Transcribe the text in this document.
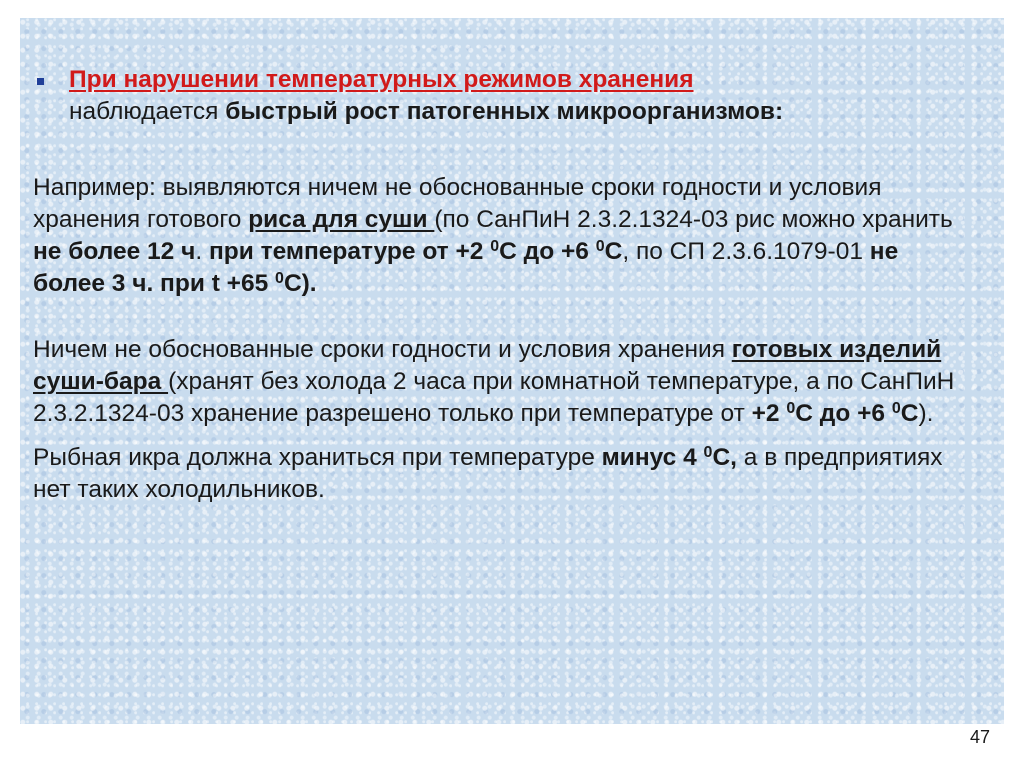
При нарушении температурных режимов хранения
наблюдается быстрый рост патогенных микроорганизмов:

Например: выявляются ничем не обоснованные сроки годности и условия хранения готового риса для суши (по СанПиН 2.3.2.1324-03 рис можно хранить не более 12 ч. при температуре от +2 $^0$С до +6 $^0$С, по СП 2.3.6.1079-01 не более 3 ч. при t +65 $^0$С).

Ничем не обоснованные сроки годности и условия хранения готовых изделий суши-бара (хранят без холода 2 часа при комнатной температуре, а по СанПиН 2.3.2.1324-03 хранение разрешено только при температуре от +2 $^0$С до +6 $^0$С).

Рыбная икра должна храниться при температуре минус 4 $^0$С, а в предприятиях нет таких холодильников.

47
